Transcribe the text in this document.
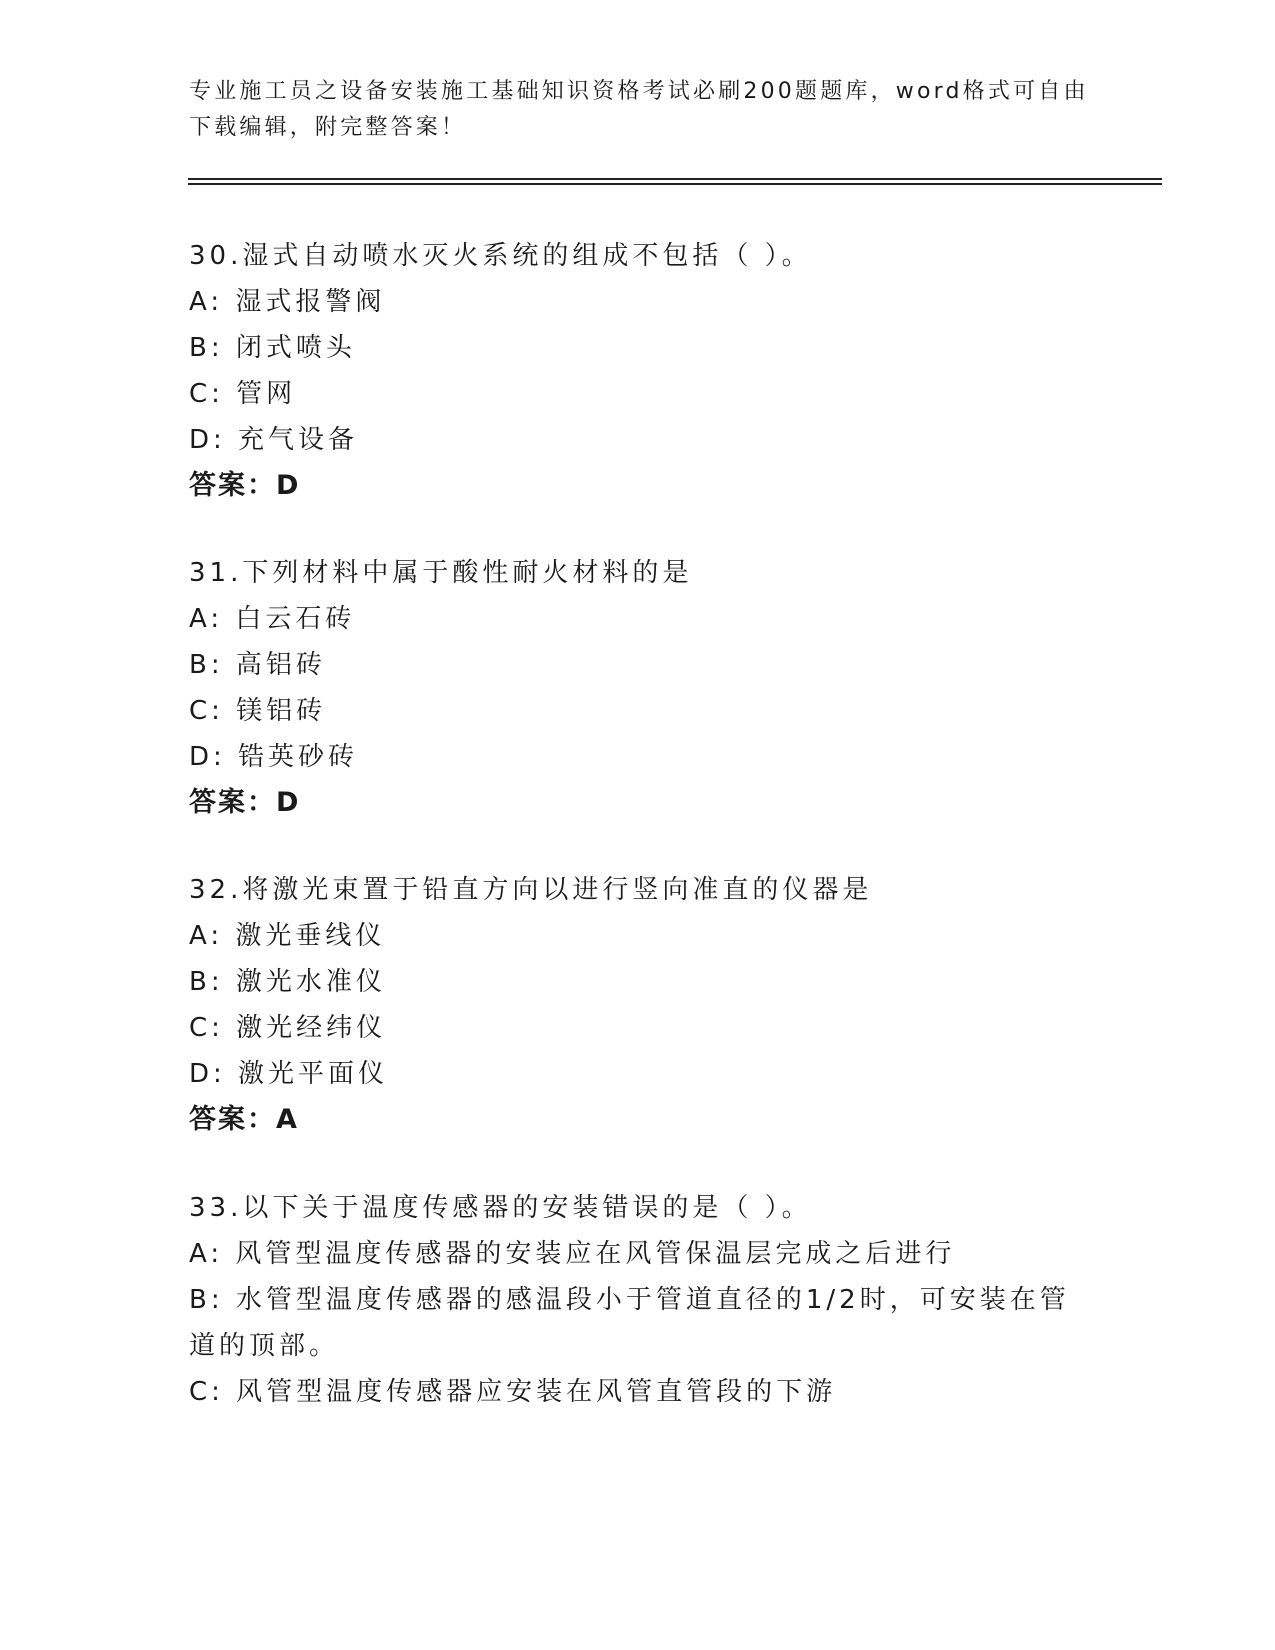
专业施工员之设备安装施工基础知识资格考试必刷200题题库，word格式可自由下载编辑，附完整答案！
30.湿式自动喷水灭火系统的组成不包括（ ）。
A: 湿式报警阀
B: 闭式喷头
C: 管网
D: 充气设备
答案：D
31.下列材料中属于酸性耐火材料的是
A: 白云石砖
B: 高铝砖
C: 镁铝砖
D: 锆英砂砖
答案：D
32.将激光束置于铅直方向以进行竖向准直的仪器是
A: 激光垂线仪
B: 激光水准仪
C: 激光经纬仪
D: 激光平面仪
答案：A
33.以下关于温度传感器的安装错误的是（ ）。
A: 风管型温度传感器的安装应在风管保温层完成之后进行
B: 水管型温度传感器的感温段小于管道直径的1/2时，可安装在管道的顶部。
C: 风管型温度传感器应安装在风管直管段的下游
